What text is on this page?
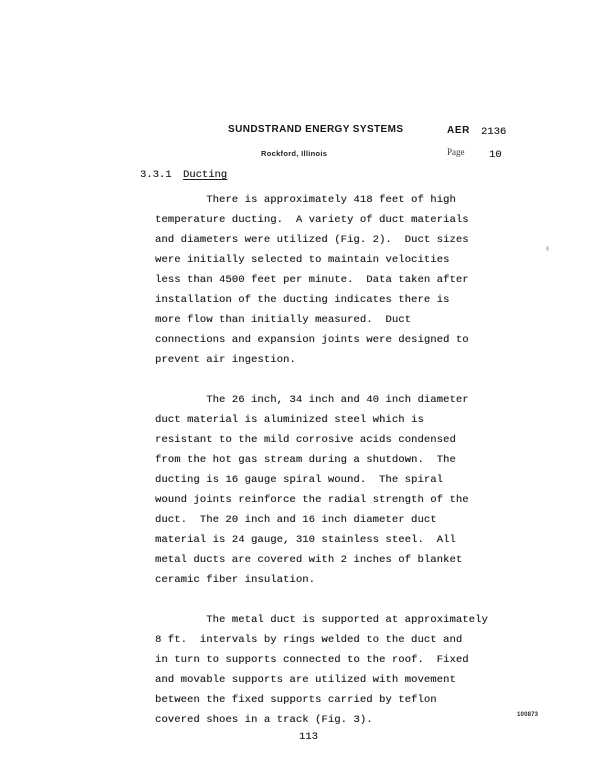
SUNDSTRAND ENERGY SYSTEMS	AER 2136
Rockford, Illinois	Page 10
3.3.1 Ducting
There is approximately 418 feet of high
temperature ducting.  A variety of duct materials
and diameters were utilized (Fig. 2).  Duct sizes
were initially selected to maintain velocities
less than 4500 feet per minute.  Data taken after
installation of the ducting indicates there is
more flow than initially measured.  Duct
connections and expansion joints were designed to
prevent air ingestion.
The 26 inch, 34 inch and 40 inch diameter
duct material is aluminized steel which is
resistant to the mild corrosive acids condensed
from the hot gas stream during a shutdown.  The
ducting is 16 gauge spiral wound.  The spiral
wound joints reinforce the radial strength of the
duct.  The 20 inch and 16 inch diameter duct
material is 24 gauge, 310 stainless steel.  All
metal ducts are covered with 2 inches of blanket
ceramic fiber insulation.
The metal duct is supported at approximately
8 ft.  intervals by rings welded to the duct and
in turn to supports connected to the roof.  Fixed
and movable supports are utilized with movement
between the fixed supports carried by teflon
covered shoes in a track (Fig. 3).
113
100873
